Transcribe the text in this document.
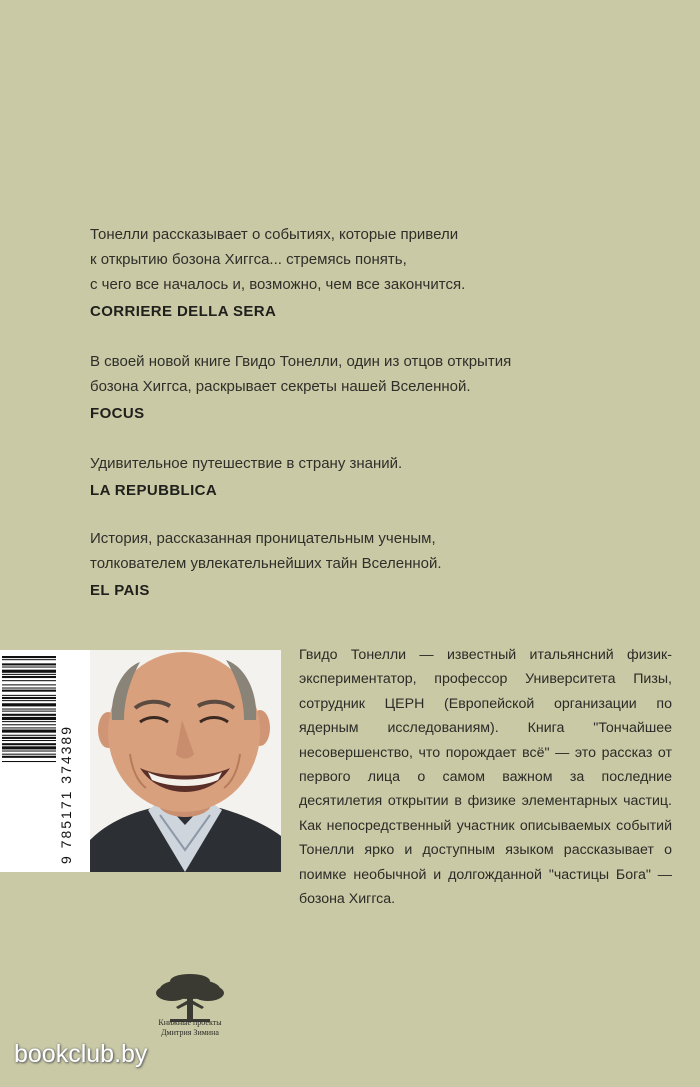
Тонелли рассказывает о событиях, которые привели
к открытию бозона Хиггса... стремясь понять,
с чего все началось и, возможно, чем все закончится.
CORRIERE DELLA SERA
В своей новой книге Гвидо Тонелли, один из отцов открытия
бозона Хиггса, раскрывает секреты нашей Вселенной.
FOCUS
Удивительное путешествие в страну знаний.
LA REPUBBLICA
История, рассказанная проницательным ученым,
толкователем увлекательнейших тайн Вселенной.
EL PAIS
9 785171 374389
Гвидо Тонелли — известный итальянсний физик-экспериментатор, профессор Университета Пизы, сотрудник ЦЕРН (Европейской организации по ядерным исследованиям). Книга "Тончайшее несовершенство, что порождает всё" — это рассказ от первого лица о самом важном за последние десятилетия открытии в физике элементарных частиц. Как непосредственный участник описываемых событий Тонелли ярко и доступным языком рассказывает о поимке необычной и долгожданной "частицы Бога" — бозона Хиггса.
Книжные проекты
Дмитрия Зимина
bookclub.by
